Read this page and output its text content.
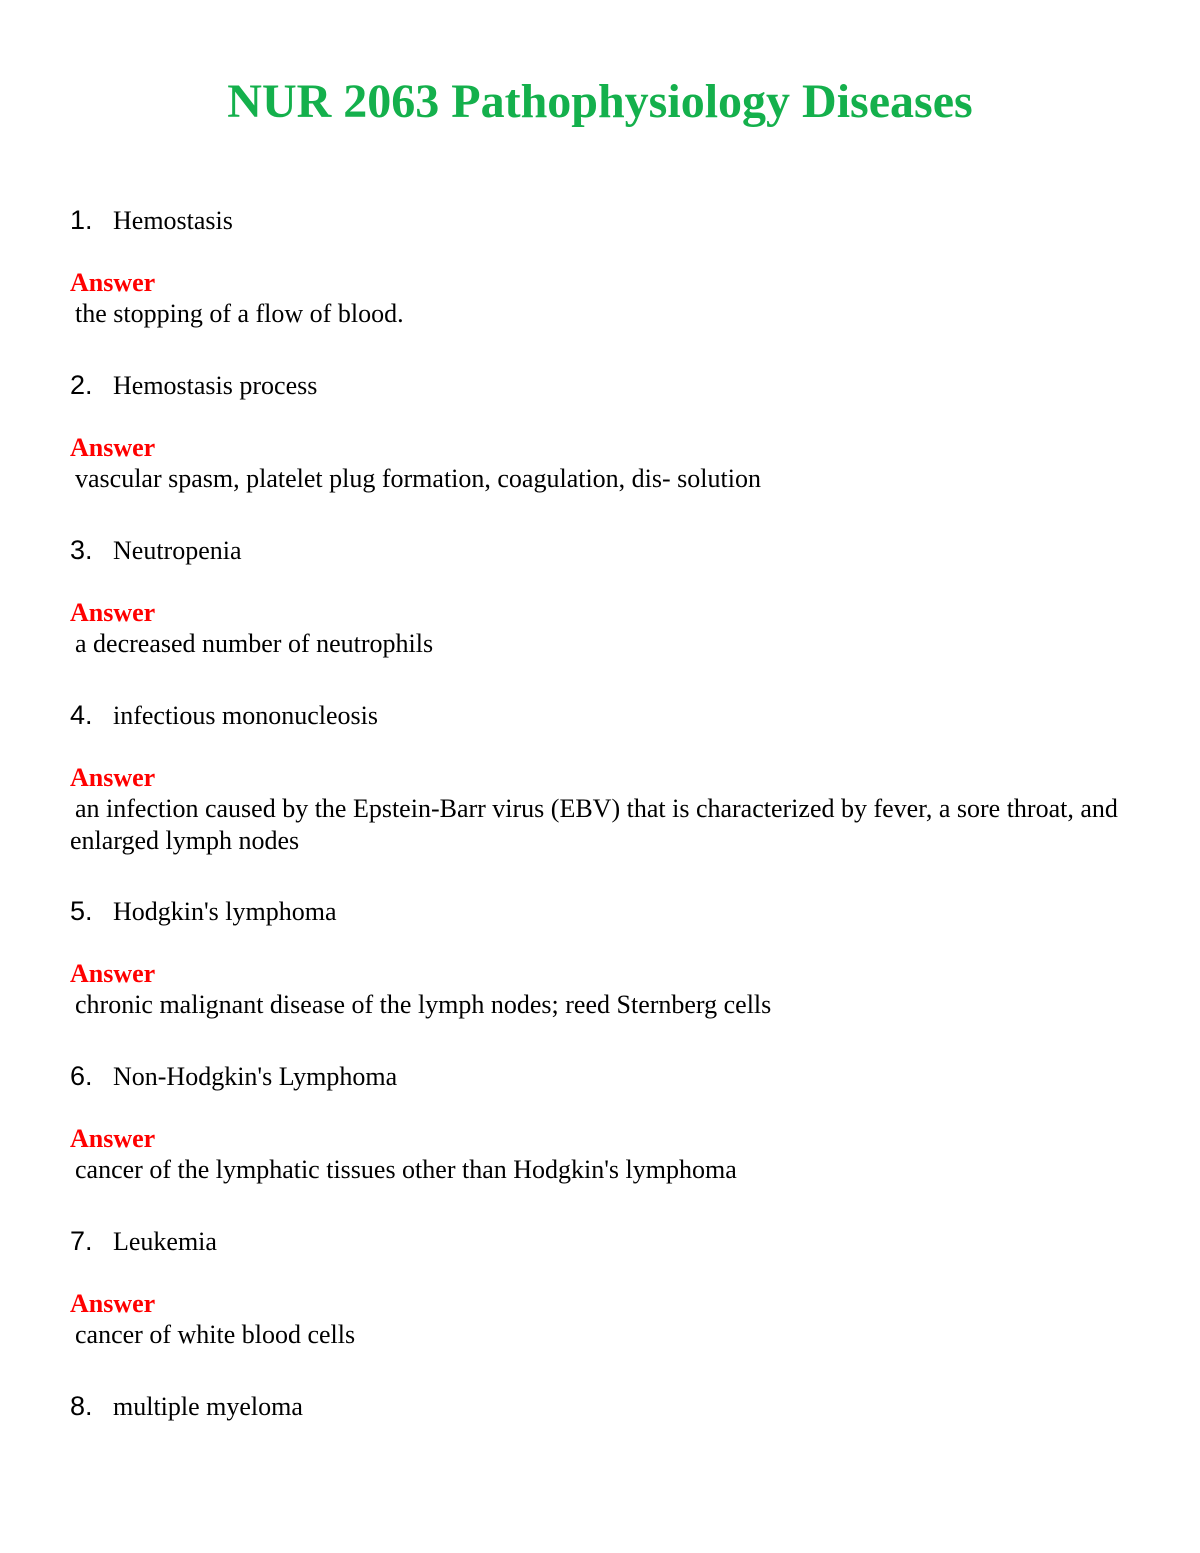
NUR 2063 Pathophysiology Diseases
1. Hemostasis
Answer
the stopping of a flow of blood.
2. Hemostasis process
Answer
vascular spasm, platelet plug formation, coagulation, dis- solution
3. Neutropenia
Answer
a decreased number of neutrophils
4. infectious mononucleosis
Answer
an infection caused by the Epstein-Barr virus (EBV) that is characterized by fever, a sore throat, and enlarged lymph nodes
5. Hodgkin's lymphoma
Answer
chronic malignant disease of the lymph nodes; reed Sternberg cells
6. Non-Hodgkin's Lymphoma
Answer
cancer of the lymphatic tissues other than Hodgkin's lymphoma
7. Leukemia
Answer
cancer of white blood cells
8. multiple myeloma
